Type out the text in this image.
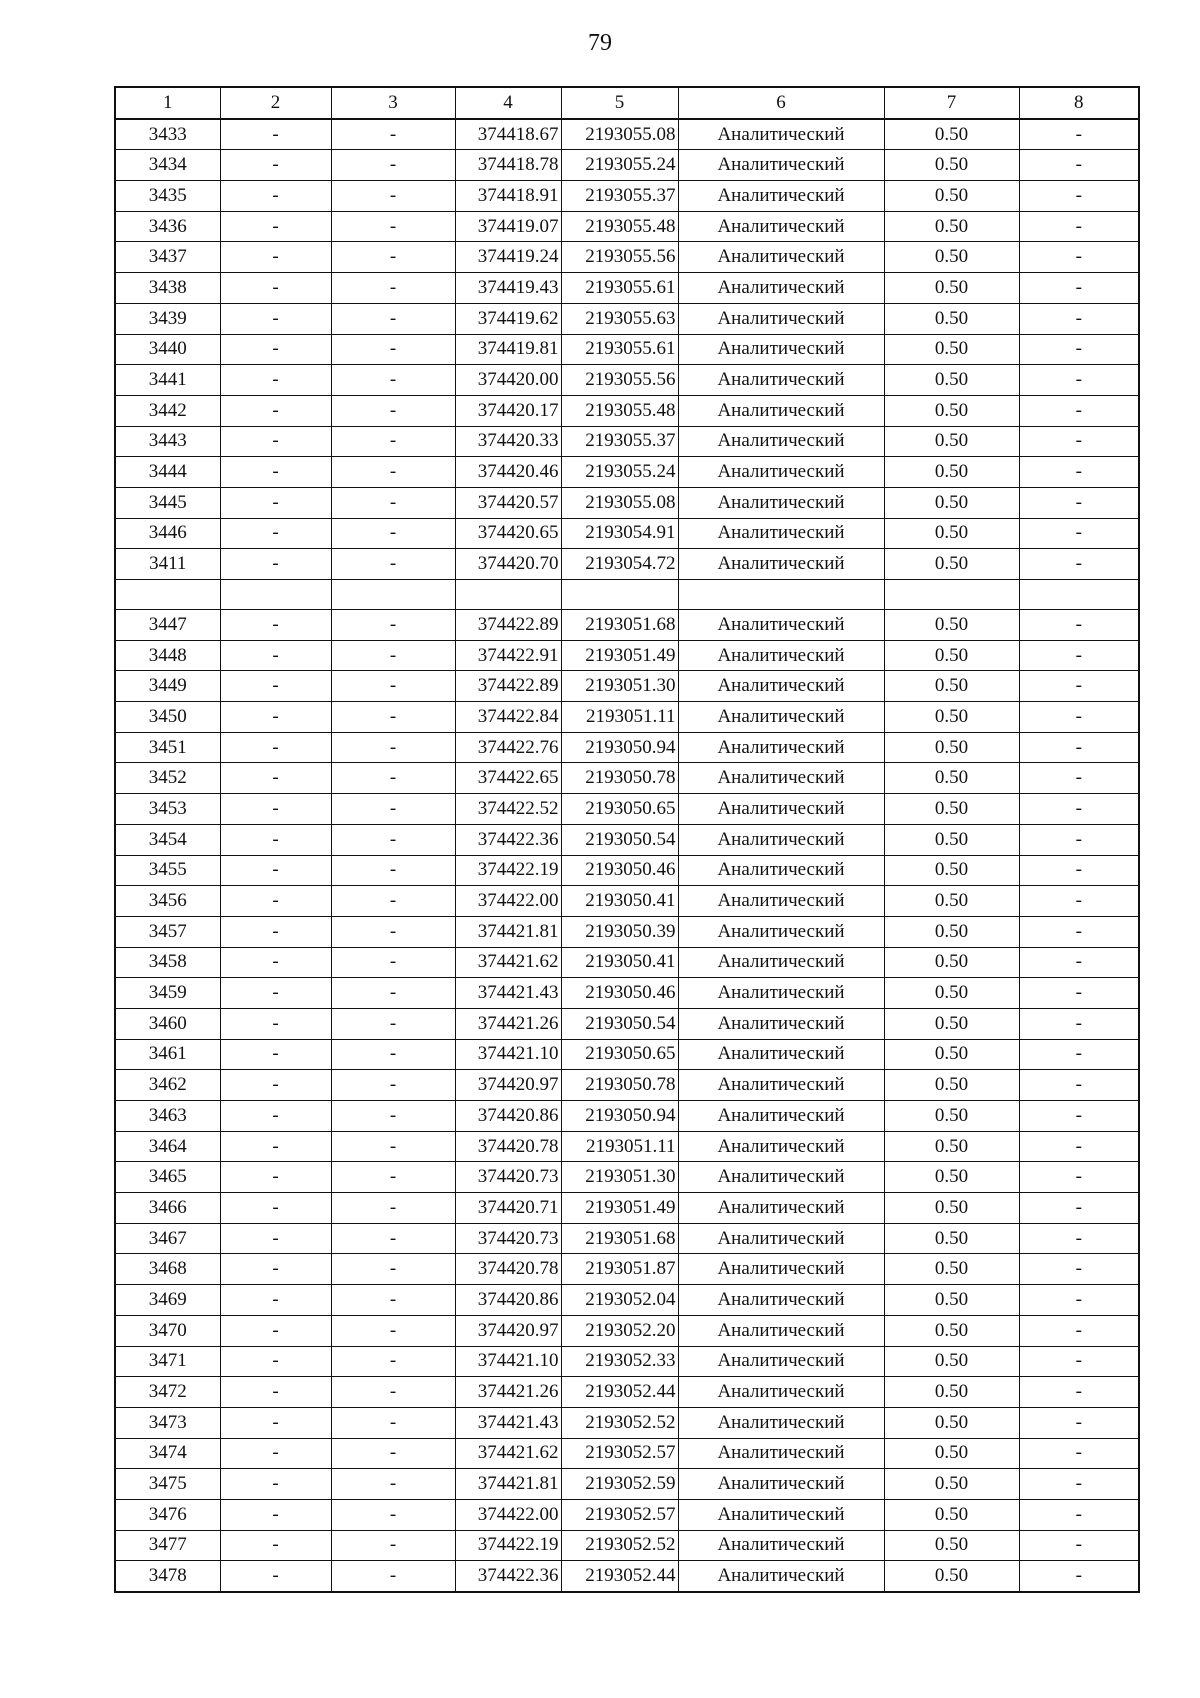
79
1	2	3	4	5	6	7	8
3433	-	-	374418.67	2193055.08	Аналитический	0.50	-
3434	-	-	374418.78	2193055.24	Аналитический	0.50	-
3435	-	-	374418.91	2193055.37	Аналитический	0.50	-
3436	-	-	374419.07	2193055.48	Аналитический	0.50	-
3437	-	-	374419.24	2193055.56	Аналитический	0.50	-
3438	-	-	374419.43	2193055.61	Аналитический	0.50	-
3439	-	-	374419.62	2193055.63	Аналитический	0.50	-
3440	-	-	374419.81	2193055.61	Аналитический	0.50	-
3441	-	-	374420.00	2193055.56	Аналитический	0.50	-
3442	-	-	374420.17	2193055.48	Аналитический	0.50	-
3443	-	-	374420.33	2193055.37	Аналитический	0.50	-
3444	-	-	374420.46	2193055.24	Аналитический	0.50	-
3445	-	-	374420.57	2193055.08	Аналитический	0.50	-
3446	-	-	374420.65	2193054.91	Аналитический	0.50	-
3411	-	-	374420.70	2193054.72	Аналитический	0.50	-

3447	-	-	374422.89	2193051.68	Аналитический	0.50	-
3448	-	-	374422.91	2193051.49	Аналитический	0.50	-
3449	-	-	374422.89	2193051.30	Аналитический	0.50	-
3450	-	-	374422.84	2193051.11	Аналитический	0.50	-
3451	-	-	374422.76	2193050.94	Аналитический	0.50	-
3452	-	-	374422.65	2193050.78	Аналитический	0.50	-
3453	-	-	374422.52	2193050.65	Аналитический	0.50	-
3454	-	-	374422.36	2193050.54	Аналитический	0.50	-
3455	-	-	374422.19	2193050.46	Аналитический	0.50	-
3456	-	-	374422.00	2193050.41	Аналитический	0.50	-
3457	-	-	374421.81	2193050.39	Аналитический	0.50	-
3458	-	-	374421.62	2193050.41	Аналитический	0.50	-
3459	-	-	374421.43	2193050.46	Аналитический	0.50	-
3460	-	-	374421.26	2193050.54	Аналитический	0.50	-
3461	-	-	374421.10	2193050.65	Аналитический	0.50	-
3462	-	-	374420.97	2193050.78	Аналитический	0.50	-
3463	-	-	374420.86	2193050.94	Аналитический	0.50	-
3464	-	-	374420.78	2193051.11	Аналитический	0.50	-
3465	-	-	374420.73	2193051.30	Аналитический	0.50	-
3466	-	-	374420.71	2193051.49	Аналитический	0.50	-
3467	-	-	374420.73	2193051.68	Аналитический	0.50	-
3468	-	-	374420.78	2193051.87	Аналитический	0.50	-
3469	-	-	374420.86	2193052.04	Аналитический	0.50	-
3470	-	-	374420.97	2193052.20	Аналитический	0.50	-
3471	-	-	374421.10	2193052.33	Аналитический	0.50	-
3472	-	-	374421.26	2193052.44	Аналитический	0.50	-
3473	-	-	374421.43	2193052.52	Аналитический	0.50	-
3474	-	-	374421.62	2193052.57	Аналитический	0.50	-
3475	-	-	374421.81	2193052.59	Аналитический	0.50	-
3476	-	-	374422.00	2193052.57	Аналитический	0.50	-
3477	-	-	374422.19	2193052.52	Аналитический	0.50	-
3478	-	-	374422.36	2193052.44	Аналитический	0.50	-
